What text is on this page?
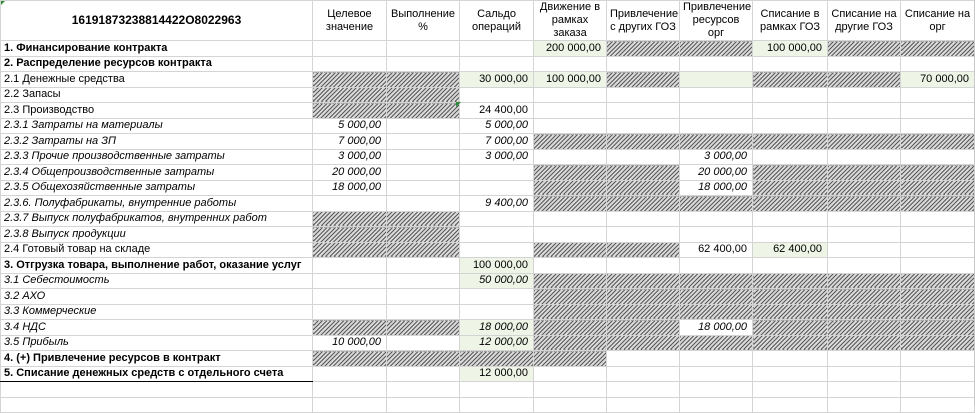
16191873238814422O8022963	Целевое значение	Выполнение %	Сальдо операций	Движение в рамках заказа	Привлечение с других ГОЗ	Привлечение ресурсов орг	Списание в рамках ГОЗ	Списание на другие ГОЗ	Списание на орг
1. Финансирование контракта				200 000,00			100 000,00		
2. Распределение ресурсов контракта									
2.1 Денежные средства			30 000,00	100 000,00					70 000,00
2.2 Запасы									
2.3 Производство			24 400,00						
2.3.1 Затраты на материалы	5 000,00		5 000,00						
2.3.2 Затраты на ЗП	7 000,00		7 000,00						
2.3.3 Прочие производственные затраты	3 000,00		3 000,00			3 000,00			
2.3.4 Общепроизводственные затраты	20 000,00					20 000,00			
2.3.5 Общехозяйственные затраты	18 000,00					18 000,00			
2.3.6. Полуфабрикаты, внутренние работы			9 400,00						
2.3.7 Выпуск полуфабрикатов, внутренних работ									
2.3.8 Выпуск продукции									
2.4 Готовый товар на складе						62 400,00	62 400,00		
3. Отгрузка товара, выполнение работ, оказание услуг			100 000,00						
3.1 Себестоимость			50 000,00						
3.2 АХО									
3.3 Коммерческие									
3.4 НДС			18 000,00			18 000,00			
3.5 Прибыль	10 000,00		12 000,00						
4. (+) Привлечение ресурсов в контракт									
5. Списание денежных средств с отдельного счета			12 000,00						
